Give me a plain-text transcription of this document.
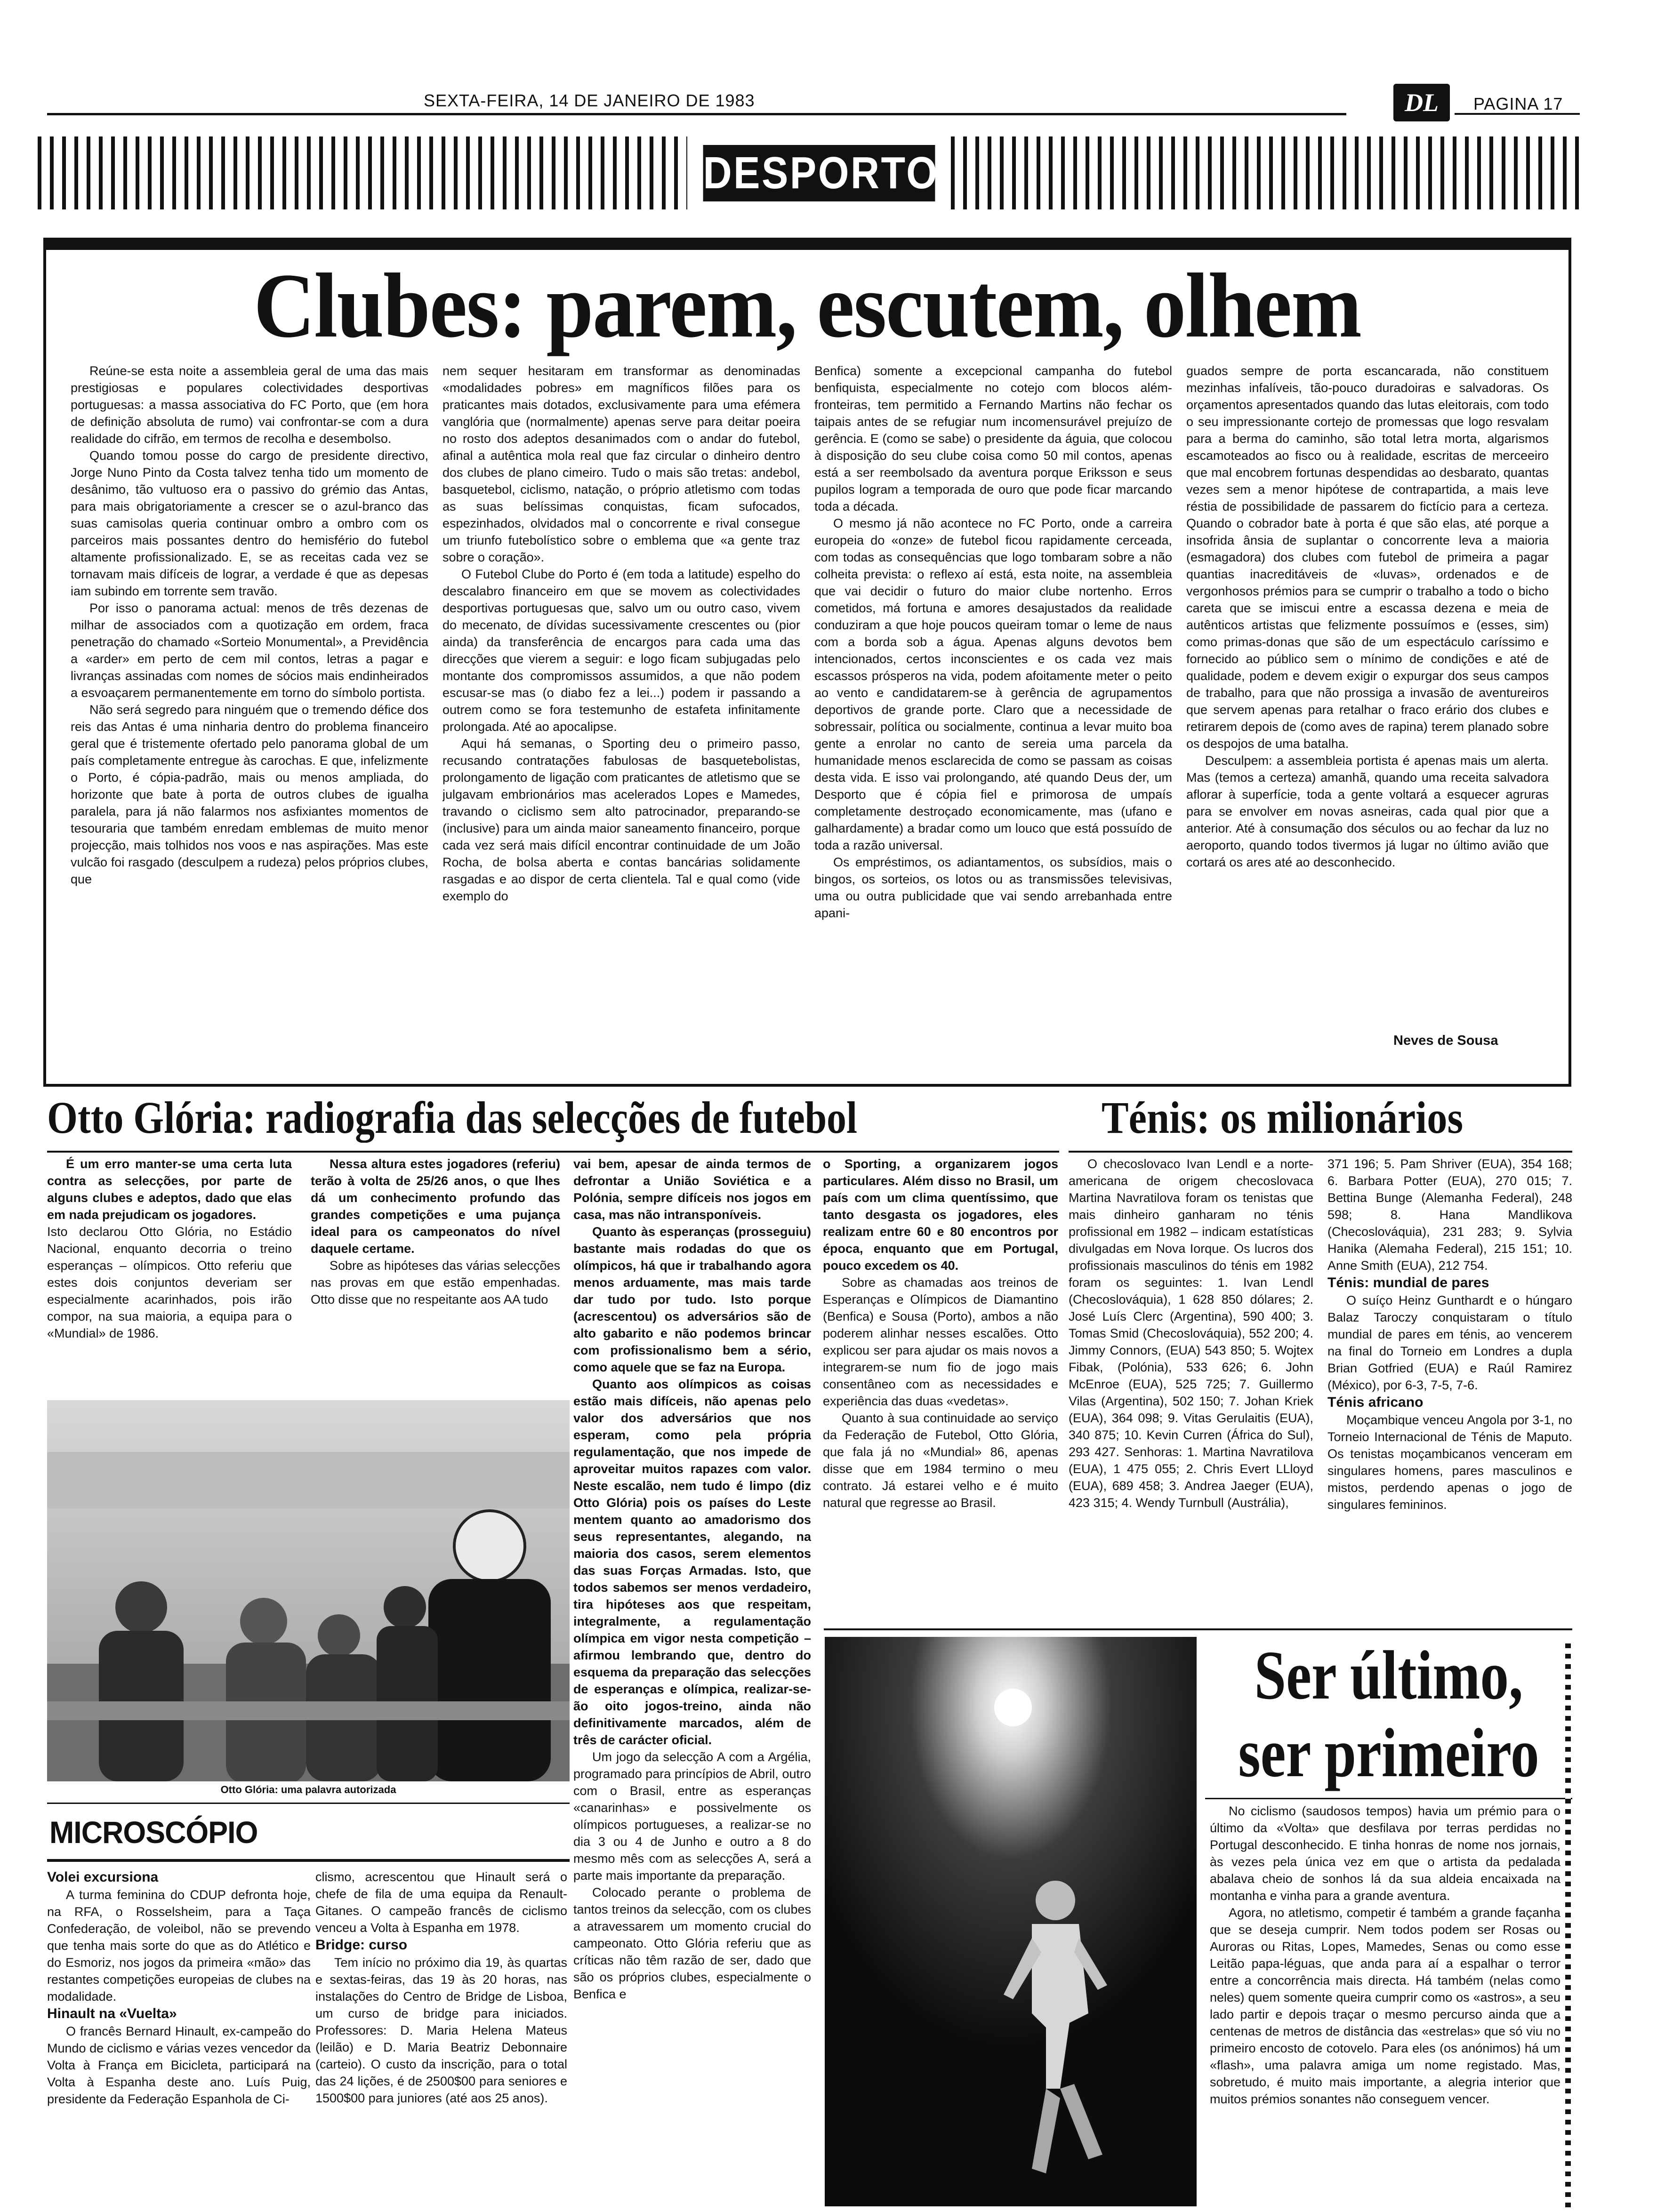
SEXTA-FEIRA, 14 DE JANEIRO DE 1983	DL	PAGINA 17
DESPORTO
Clubes: parem, escutem, olhem

Reúne-se esta noite a assembleia geral de uma das mais prestigiosas e populares colectividades desportivas portuguesas: a massa associativa do FC Porto, que (em hora de definição absoluta de rumo) vai confrontar-se com a dura realidade do cifrão, em termos de recolha e desembolso.

Quando tomou posse do cargo de presidente directivo, Jorge Nuno Pinto da Costa talvez tenha tido um momento de desânimo, tão vultuoso era o passivo do grémio das Antas, para mais obrigatoriamente a crescer se o azul-branco das suas camisolas queria continuar ombro a ombro com os parceiros mais possantes dentro do hemisfério do futebol altamente profissionalizado. E, se as receitas cada vez se tornavam mais difíceis de lograr, a verdade é que as depesas iam subindo em torrente sem travão.

Por isso o panorama actual: menos de três dezenas de milhar de associados com a quotização em ordem, fraca penetração do chamado «Sorteio Monumental», a Previdência a «arder» em perto de cem mil contos, letras a pagar e livranças assinadas com nomes de sócios mais endinheirados a esvoaçarem permanentemente em torno do símbolo portista.

Não será segredo para ninguém que o tremendo défice dos reis das Antas é uma ninharia dentro do problema financeiro geral que é tristemente ofertado pelo panorama global de um país completamente entregue às carochas. E que, infelizmente o Porto, é cópia-padrão, mais ou menos ampliada, do horizonte que bate à porta de outros clubes de igualha paralela, para já não falarmos nos asfixiantes momentos de tesouraria que também enredam emblemas de muito menor projecção, mais tolhidos nos voos e nas aspirações. Mas este vulcão foi rasgado (desculpem a rudeza) pelos próprios clubes, que

nem sequer hesitaram em transformar as denominadas «modalidades pobres» em magníficos filões para os praticantes mais dotados, exclusivamente para uma efémera vanglória que (normalmente) apenas serve para deitar poeira no rosto dos adeptos desanimados com o andar do futebol, afinal a autêntica mola real que faz circular o dinheiro dentro dos clubes de plano cimeiro. Tudo o mais são tretas: andebol, basquetebol, ciclismo, natação, o próprio atletismo com todas as suas belíssimas conquistas, ficam sufocados, espezinhados, olvidados mal o concorrente e rival consegue um triunfo futebolístico sobre o emblema que «a gente traz sobre o coração».

O Futebol Clube do Porto é (em toda a latitude) espelho do descalabro financeiro em que se movem as colectividades desportivas portuguesas que, salvo um ou outro caso, vivem do mecenato, de dívidas sucessivamente crescentes ou (pior ainda) da transferência de encargos para cada uma das direcções que vierem a seguir: e logo ficam subjugadas pelo montante dos compromissos assumidos, a que não podem escusar-se mas (o diabo fez a lei...) podem ir passando a outrem como se fora testemunho de estafeta infinitamente prolongada. Até ao apocalipse.

Aqui há semanas, o Sporting deu o primeiro passo, recusando contratações fabulosas de basquetebolistas, prolongamento de ligação com praticantes de atletismo que se julgavam embrionários mas acelerados Lopes e Mamedes, travando o ciclismo sem alto patrocinador, preparando-se (inclusive) para um ainda maior saneamento financeiro, porque cada vez será mais difícil encontrar continuidade de um João Rocha, de bolsa aberta e contas bancárias solidamente rasgadas e ao dispor de certa clientela. Tal e qual como (vide exemplo do

Benfica) somente a excepcional campanha do futebol benfiquista, especialmente no cotejo com blocos além-fronteiras, tem permitido a Fernando Martins não fechar os taipais antes de se refugiar num incomensurável prejuízo de gerência. E (como se sabe) o presidente da águia, que colocou à disposição do seu clube coisa como 50 mil contos, apenas está a ser reembolsado da aventura porque Eriksson e seus pupilos logram a temporada de ouro que pode ficar marcando toda a década.

O mesmo já não acontece no FC Porto, onde a carreira europeia do «onze» de futebol ficou rapidamente cerceada, com todas as consequências que logo tombaram sobre a não colheita prevista: o reflexo aí está, esta noite, na assembleia que vai decidir o futuro do maior clube nortenho. Erros cometidos, má fortuna e amores desajustados da realidade conduziram a que hoje poucos queiram tomar o leme de naus com a borda sob a água. Apenas alguns devotos bem intencionados, certos inconscientes e os cada vez mais escassos prósperos na vida, podem afoitamente meter o peito ao vento e candidatarem-se à gerência de agrupamentos deportivos de grande porte. Claro que a necessidade de sobressair, política ou socialmente, continua a levar muito boa gente a enrolar no canto de sereia uma parcela da humanidade menos esclarecida de como se passam as coisas desta vida. E isso vai prolongando, até quando Deus der, um Desporto que é cópia fiel e primorosa de umpaís completamente destroçado economicamente, mas (ufano e galhardamente) a bradar como um louco que está possuído de toda a razão universal.

Os empréstimos, os adiantamentos, os subsídios, mais o bingos, os sorteios, os lotos ou as transmissões televisivas, uma ou outra publicidade que vai sendo arrebanhada entre apani-

guados sempre de porta escancarada, não constituem mezinhas infalíveis, tão-pouco duradoiras e salvadoras. Os orçamentos apresentados quando das lutas eleitorais, com todo o seu impressionante cortejo de promessas que logo resvalam para a berma do caminho, são total letra morta, algarismos escamoteados ao fisco ou à realidade, escritas de merceeiro que mal encobrem fortunas despendidas ao desbarato, quantas vezes sem a menor hipótese de contrapartida, a mais leve réstia de possibilidade de passarem do fictício para a certeza. Quando o cobrador bate à porta é que são elas, até porque a insofrida ânsia de suplantar o concorrente leva a maioria (esmagadora) dos clubes com futebol de primeira a pagar quantias inacreditáveis de «luvas», ordenados e de vergonhosos prémios para se cumprir o trabalho a todo o bicho careta que se imiscui entre a escassa dezena e meia de autênticos artistas que felizmente possuímos e (esses, sim) como primas-donas que são de um espectáculo caríssimo e fornecido ao público sem o mínimo de condições e até de qualidade, podem e devem exigir o expurgar dos seus campos de trabalho, para que não prossiga a invasão de aventureiros que servem apenas para retalhar o fraco erário dos clubes e retirarem depois de (como aves de rapina) terem planado sobre os despojos de uma batalha.

Desculpem: a assembleia portista é apenas mais um alerta. Mas (temos a certeza) amanhã, quando uma receita salvadora aflorar à superfície, toda a gente voltará a esquecer agruras para se envolver em novas asneiras, cada qual pior que a anterior. Até à consumação dos séculos ou ao fechar da luz no aeroporto, quando todos tivermos já lugar no último avião que cortará os ares até ao desconhecido.

Neves de Sousa
Otto Glória: radiografia das selecções de futebol

É um erro manter-se uma certa luta contra as selecções, por parte de alguns clubes e adeptos, dado que elas em nada prejudicam os jogadores.

Isto declarou Otto Glória, no Estádio Nacional, enquanto decorria o treino esperanças – olímpicos. Otto referiu que estes dois conjuntos deveriam ser especialmente acarinhados, pois irão compor, na sua maioria, a equipa para o «Mundial» de 1986.

Nessa altura estes jogadores (referiu) terão à volta de 25/26 anos, o que lhes dá um conhecimento profundo das grandes competições e uma pujança ideal para os campeonatos do nível daquele certame.

Sobre as hipóteses das várias selecções nas provas em que estão empenhadas. Otto disse que no respeitante aos AA tudo

vai bem, apesar de ainda termos de defrontar a União Soviética e a Polónia, sempre difíceis nos jogos em casa, mas não intransponíveis.

Quanto às esperanças (prosseguiu) bastante mais rodadas do que os olímpicos, há que ir trabalhando agora menos arduamente, mas mais tarde dar tudo por tudo. Isto porque (acrescentou) os adversários são de alto gabarito e não podemos brincar com profissionalismo bem a sério, como aquele que se faz na Europa.

Quanto aos olímpicos as coisas estão mais difíceis, não apenas pelo valor dos adversários que nos esperam, como pela própria regulamentação, que nos impede de aproveitar muitos rapazes com valor. Neste escalão, nem tudo é limpo (diz Otto Glória) pois os países do Leste mentem quanto ao amadorismo dos seus representantes, alegando, na maioria dos casos, serem elementos das suas Forças Armadas. Isto, que todos sabemos ser menos verdadeiro, tira hipóteses aos que respeitam, integralmente, a regulamentação olímpica em vigor nesta competição – afirmou lembrando que, dentro do esquema da preparação das selecções de esperanças e olímpica, realizar-se-ão oito jogos-treino, ainda não definitivamente marcados, além de três de carácter oficial.

Um jogo da selecção A com a Argélia, programado para princípios de Abril, outro com o Brasil, entre as esperanças «canarinhas» e possivelmente os olímpicos portugueses, a realizar-se no dia 3 ou 4 de Junho e outro a 8 do mesmo mês com as selecções A, será a parte mais importante da preparação.

Colocado perante o problema de tantos treinos da selecção, com os clubes a atravessarem um momento crucial do campeonato. Otto Glória referiu que as críticas não têm razão de ser, dado que são os próprios clubes, especialmente o Benfica e

o Sporting, a organizarem jogos particulares. Além disso no Brasil, um país com um clima quentíssimo, que tanto desgasta os jogadores, eles realizam entre 60 e 80 encontros por época, enquanto que em Portugal, pouco excedem os 40.

Sobre as chamadas aos treinos de Esperanças e Olímpicos de Diamantino (Benfica) e Sousa (Porto), ambos a não poderem alinhar nesses escalões. Otto explicou ser para ajudar os mais novos a integrarem-se num fio de jogo mais consentâneo com as necessidades e experiência das duas «vedetas».

Quanto à sua continuidade ao serviço da Federação de Futebol, Otto Glória, que fala já no «Mundial» 86, apenas disse que em 1984 termino o meu contrato. Já estarei velho e é muito natural que regresse ao Brasil.

Otto Glória: uma palavra autorizada
MICROSCÓPIO

Volei excursiona

A turma feminina do CDUP defronta hoje, na RFA, o Rosselsheim, para a Taça Confederação, de voleibol, não se prevendo que tenha mais sorte do que as do Atlético e do Esmoriz, nos jogos da primeira «mão» das restantes competições europeias de clubes na modalidade.

Hinault na «Vuelta»

O francês Bernard Hinault, ex-campeão do Mundo de ciclismo e várias vezes vencedor da Volta à França em Bicicleta, participará na Volta à Espanha deste ano. Luís Puig, presidente da Federação Espanhola de Ci-

clismo, acrescentou que Hinault será o chefe de fila de uma equipa da Renault-Gitanes. O campeão francês de ciclismo venceu a Volta à Espanha em 1978.

Bridge: curso

Tem início no próximo dia 19, às quartas e sextas-feiras, das 19 às 20 horas, nas instalações do Centro de Bridge de Lisboa, um curso de bridge para iniciados. Professores: D. Maria Helena Mateus (leilão) e D. Maria Beatriz Debonnaire (carteio). O custo da inscrição, para o total das 24 lições, é de 2500$00 para seniores e 1500$00 para juniores (até aos 25 anos).

Ténis: os milionários

O checoslovaco Ivan Lendl e a norte-americana de origem checoslovaca Martina Navratilova foram os tenistas que mais dinheiro ganharam no ténis profissional em 1982 – indicam estatísticas divulgadas em Nova Iorque. Os lucros dos profissionais masculinos do ténis em 1982 foram os seguintes: 1. Ivan Lendl (Checoslováquia), 1 628 850 dólares; 2. José Luís Clerc (Argentina), 590 400; 3. Tomas Smid (Checoslováquia), 552 200; 4. Jimmy Connors, (EUA) 543 850; 5. Wojtex Fibak, (Polónia), 533 626; 6. John McEnroe (EUA), 525 725; 7. Guillermo Vilas (Argentina), 502 150; 7. Johan Kriek (EUA), 364 098; 9. Vitas Gerulaitis (EUA), 340 875; 10. Kevin Curren (África do Sul), 293 427. Senhoras: 1. Martina Navratilova (EUA), 1 475 055; 2. Chris Evert LLloyd (EUA), 689 458; 3. Andrea Jaeger (EUA), 423 315; 4. Wendy Turnbull (Austrália),

371 196; 5. Pam Shriver (EUA), 354 168; 6. Barbara Potter (EUA), 270 015; 7. Bettina Bunge (Alemanha Federal), 248 598; 8. Hana Mandlikova (Checoslováquia), 231 283; 9. Sylvia Hanika (Alemaha Federal), 215 151; 10. Anne Smith (EUA), 212 754.

Ténis: mundial de pares

O suíço Heinz Gunthardt e o húngaro Balaz Taroczy conquistaram o título mundial de pares em ténis, ao vencerem na final do Torneio em Londres a dupla Brian Gotfried (EUA) e Raúl Ramirez (México), por 6-3, 7-5, 7-6.

Ténis africano

Moçambique venceu Angola por 3-1, no Torneio Internacional de Ténis de Maputo. Os tenistas moçambicanos venceram em singulares homens, pares masculinos e mistos, perdendo apenas o jogo de singulares femininos.

Ser último,
ser primeiro

No ciclismo (saudosos tempos) havia um prémio para o último da «Volta» que desfilava por terras perdidas no Portugal desconhecido. E tinha honras de nome nos jornais, às vezes pela única vez em que o artista da pedalada abalava cheio de sonhos lá da sua aldeia encaixada na montanha e vinha para a grande aventura.

Agora, no atletismo, competir é também a grande façanha que se deseja cumprir. Nem todos podem ser Rosas ou Auroras ou Ritas, Lopes, Mamedes, Senas ou como esse Leitão papa-léguas, que anda para aí a espalhar o terror entre a concorrência mais directa. Há também (nelas como neles) quem somente queira cumprir como os «astros», a seu lado partir e depois traçar o mesmo percurso ainda que a centenas de metros de distância das «estrelas» que só viu no primeiro encosto de cotovelo. Para eles (os anónimos) há um «flash», uma palavra amiga um nome registado. Mas, sobretudo, é muito mais importante, a alegria interior que muitos prémios sonantes não conseguem vencer.
